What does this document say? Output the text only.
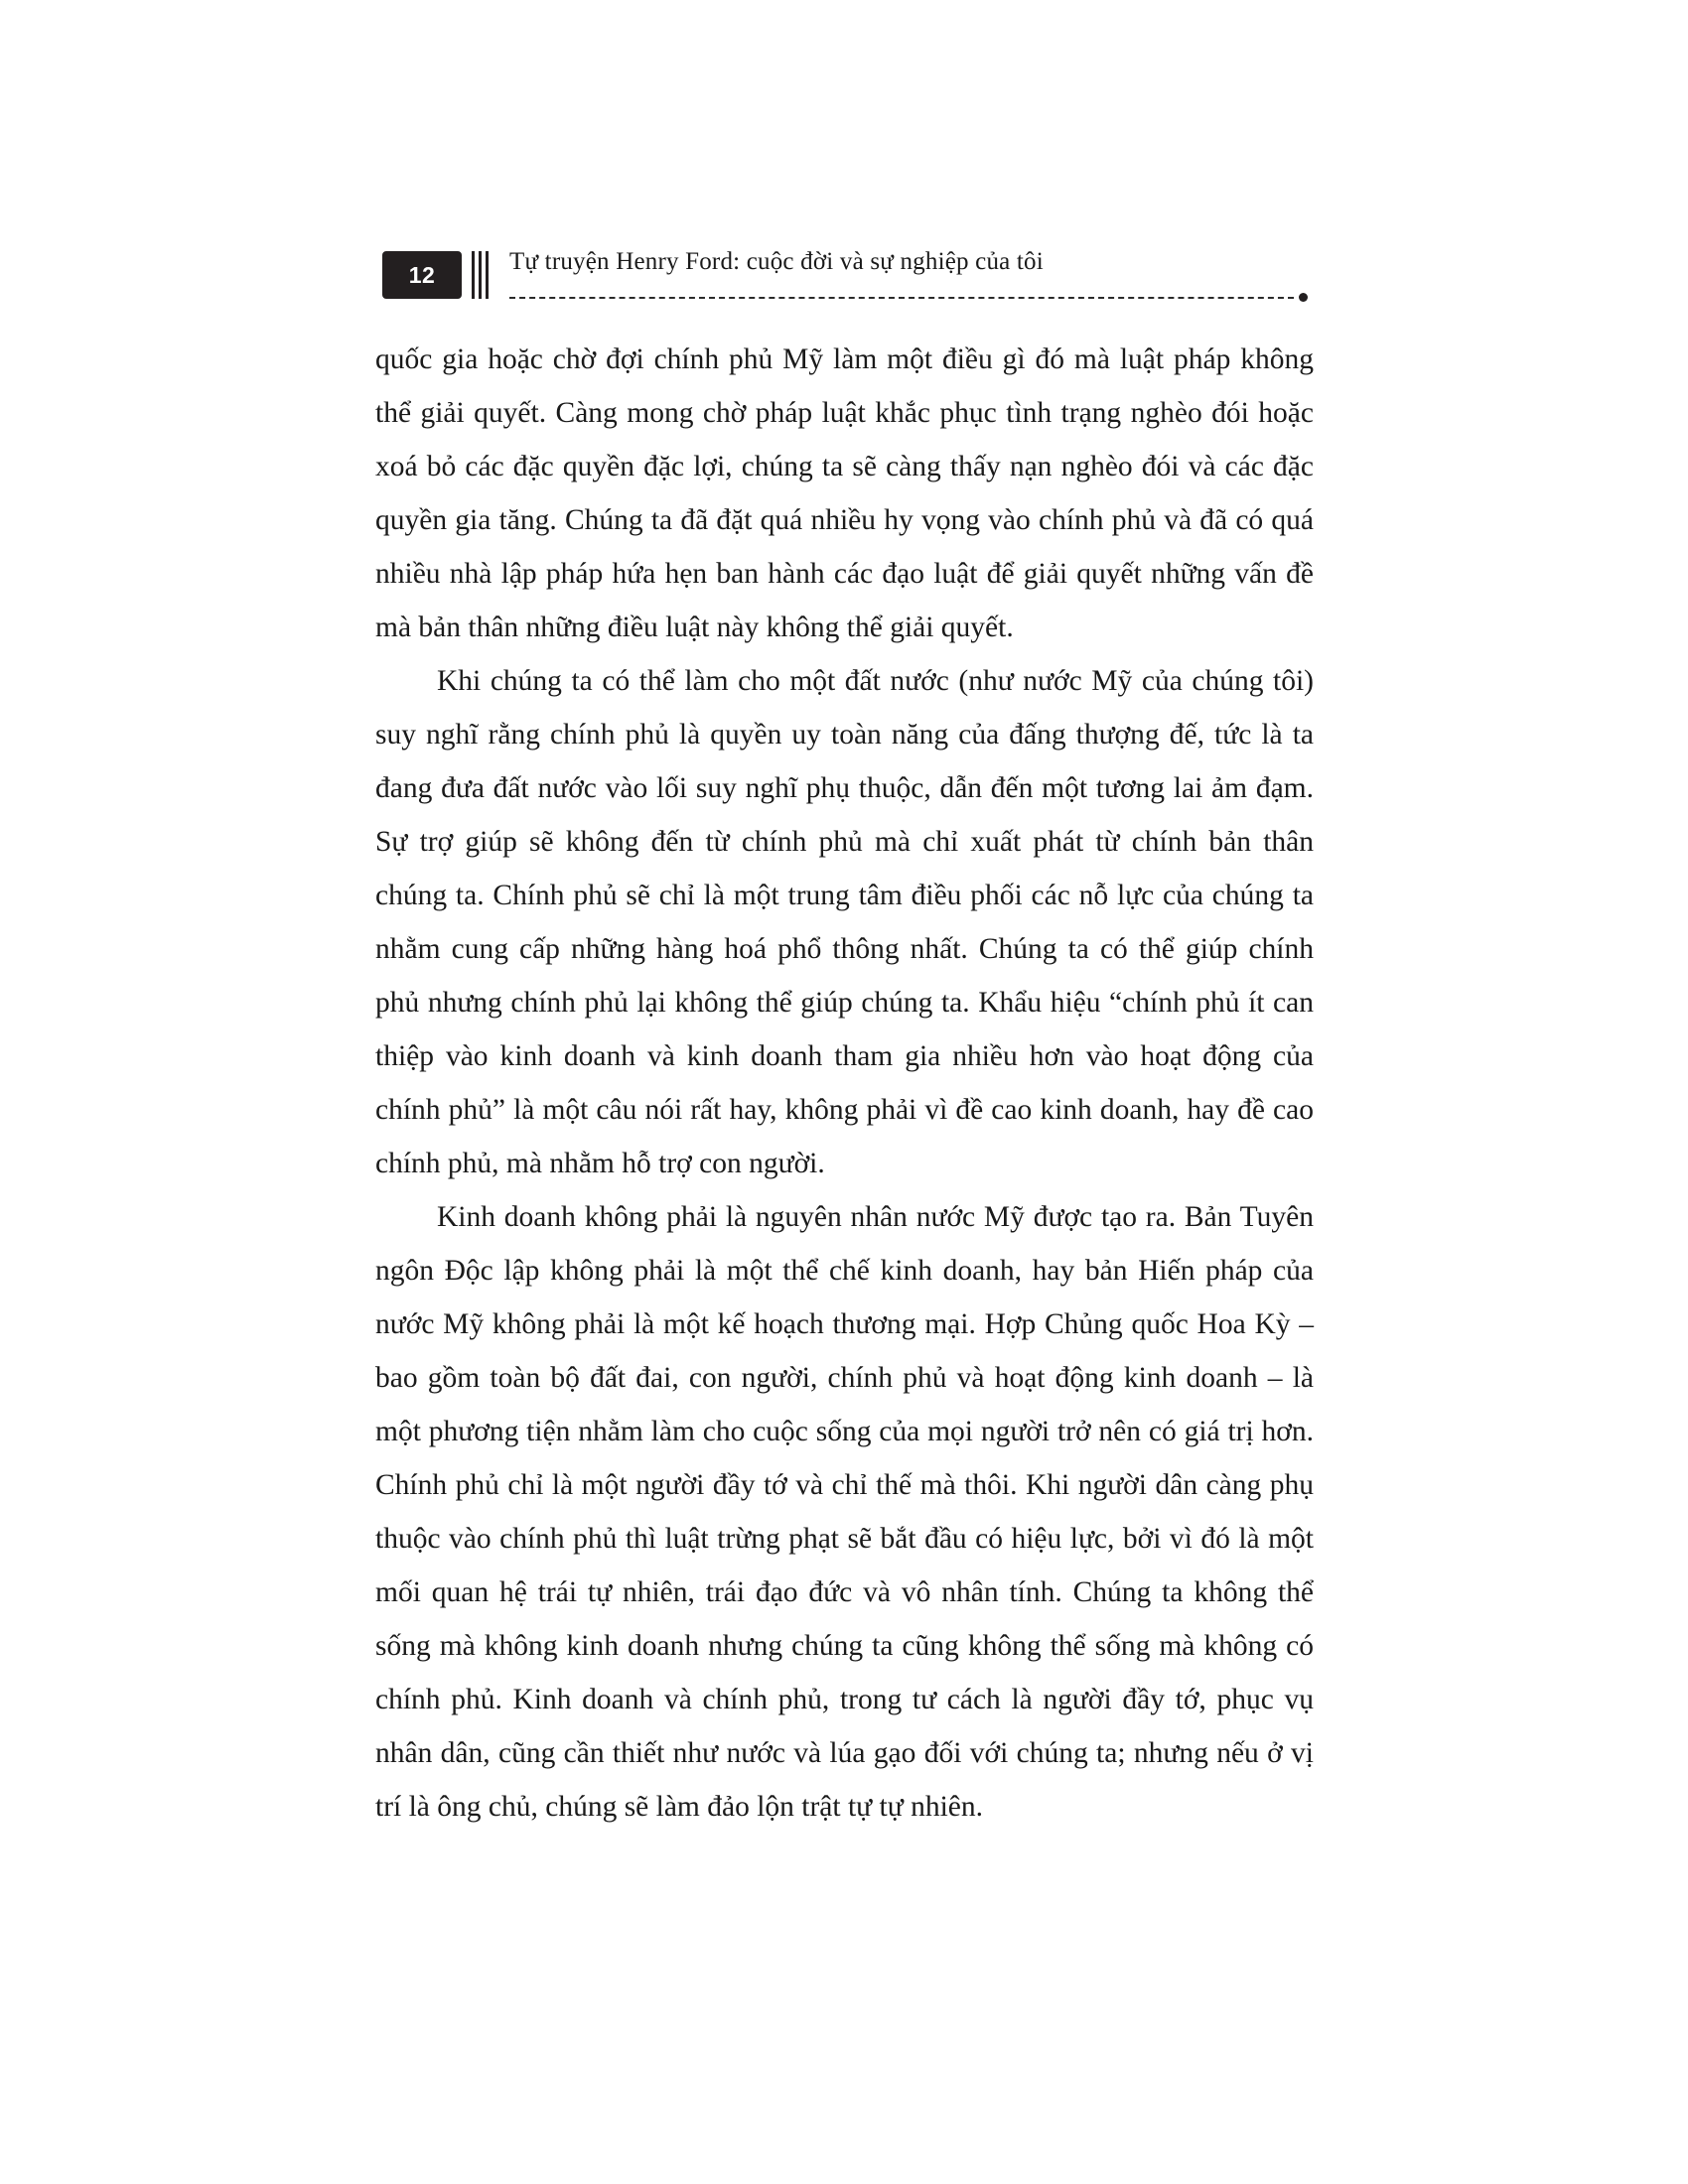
12	Tự truyện Henry Ford: cuộc đời và sự nghiệp của tôi

quốc gia hoặc chờ đợi chính phủ Mỹ làm một điều gì đó mà luật pháp không thể giải quyết. Càng mong chờ pháp luật khắc phục tình trạng nghèo đói hoặc xoá bỏ các đặc quyền đặc lợi, chúng ta sẽ càng thấy nạn nghèo đói và các đặc quyền gia tăng. Chúng ta đã đặt quá nhiều hy vọng vào chính phủ và đã có quá nhiều nhà lập pháp hứa hẹn ban hành các đạo luật để giải quyết những vấn đề mà bản thân những điều luật này không thể giải quyết.

Khi chúng ta có thể làm cho một đất nước (như nước Mỹ của chúng tôi) suy nghĩ rằng chính phủ là quyền uy toàn năng của đấng thượng đế, tức là ta đang đưa đất nước vào lối suy nghĩ phụ thuộc, dẫn đến một tương lai ảm đạm. Sự trợ giúp sẽ không đến từ chính phủ mà chỉ xuất phát từ chính bản thân chúng ta. Chính phủ sẽ chỉ là một trung tâm điều phối các nỗ lực của chúng ta nhằm cung cấp những hàng hoá phổ thông nhất. Chúng ta có thể giúp chính phủ nhưng chính phủ lại không thể giúp chúng ta. Khẩu hiệu “chính phủ ít can thiệp vào kinh doanh và kinh doanh tham gia nhiều hơn vào hoạt động của chính phủ” là một câu nói rất hay, không phải vì đề cao kinh doanh, hay đề cao chính phủ, mà nhằm hỗ trợ con người.

Kinh doanh không phải là nguyên nhân nước Mỹ được tạo ra. Bản Tuyên ngôn Độc lập không phải là một thể chế kinh doanh, hay bản Hiến pháp của nước Mỹ không phải là một kế hoạch thương mại. Hợp Chủng quốc Hoa Kỳ – bao gồm toàn bộ đất đai, con người, chính phủ và hoạt động kinh doanh – là một phương tiện nhằm làm cho cuộc sống của mọi người trở nên có giá trị hơn. Chính phủ chỉ là một người đầy tớ và chỉ thế mà thôi. Khi người dân càng phụ thuộc vào chính phủ thì luật trừng phạt sẽ bắt đầu có hiệu lực, bởi vì đó là một mối quan hệ trái tự nhiên, trái đạo đức và vô nhân tính. Chúng ta không thể sống mà không kinh doanh nhưng chúng ta cũng không thể sống mà không có chính phủ. Kinh doanh và chính phủ, trong tư cách là người đầy tớ, phục vụ nhân dân, cũng cần thiết như nước và lúa gạo đối với chúng ta; nhưng nếu ở vị trí là ông chủ, chúng sẽ làm đảo lộn trật tự tự nhiên.
